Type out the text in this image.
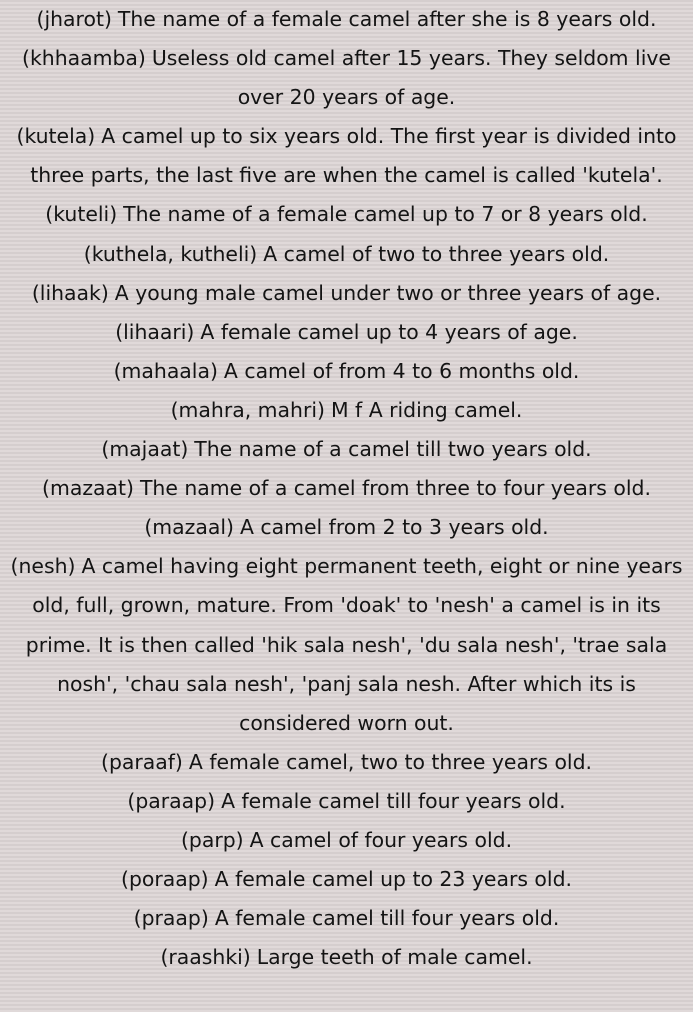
(jharot) The name of a female camel after she is 8 years old.

(khhaamba) Useless old camel after 15 years. They seldom live over 20 years of age.

(kutela) A camel up to six years old. The first year is divided into three parts, the last five are when the camel is called 'kutela'.

(kuteli) The name of a female camel up to 7 or 8 years old.

(kuthela, kutheli) A camel of two to three years old.

(lihaak) A young male camel under two or three years of age.

(lihaari) A female camel up to 4 years of age.

(mahaala) A camel of from 4 to 6 months old.

(mahra, mahri) M f A riding camel.

(majaat) The name of a camel till two years old.

(mazaat) The name of a camel from three to four years old.

(mazaal) A camel from 2 to 3 years old.

(nesh) A camel having eight permanent teeth, eight or nine years old, full, grown, mature. From 'doak' to 'nesh' a camel is in its prime. It is then called 'hik sala nesh', 'du sala nesh', 'trae sala nosh', 'chau sala nesh', 'panj sala nesh. After which its is considered worn out.

(paraaf) A female camel, two to three years old.

(paraap) A female camel till four years old.

(parp) A camel of four years old.

(poraap) A female camel up to 23 years old.

(praap) A female camel till four years old.

(raashki) Large teeth of male camel.
